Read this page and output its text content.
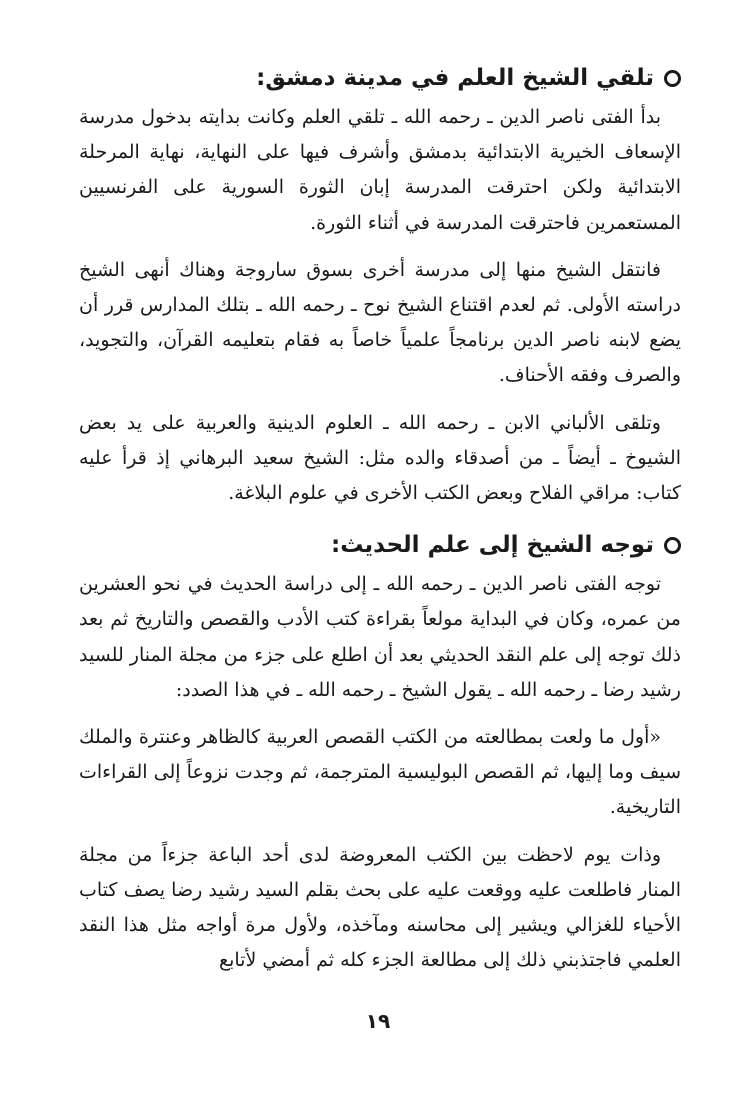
تلقي الشيخ العلم في مدينة دمشق:

بدأ الفتى ناصر الدين ـ رحمه الله ـ تلقي العلم وكانت بدايته بدخول مدرسة الإسعاف الخيرية الابتدائية بدمشق وأشرف فيها على النهاية، نهاية المرحلة الابتدائية ولكن احترقت المدرسة إبان الثورة السورية على الفرنسيين المستعمرين فاحترقت المدرسة في أثناء الثورة.

فانتقل الشيخ منها إلى مدرسة أخرى بسوق ساروجة وهناك أنهى الشيخ دراسته الأولى. ثم لعدم اقتناع الشيخ نوح ـ رحمه الله ـ بتلك المدارس قرر أن يضع لابنه ناصر الدين برنامجاً علمياً خاصاً به فقام بتعليمه القرآن، والتجويد، والصرف وفقه الأحناف.

وتلقى الألباني الابن ـ رحمه الله ـ العلوم الدينية والعربية على يد بعض الشيوخ ـ أيضاً ـ من أصدقاء والده مثل: الشيخ سعيد البرهاني إذ قرأ عليه كتاب: مراقي الفلاح وبعض الكتب الأخرى في علوم البلاغة.

توجه الشيخ إلى علم الحديث:

توجه الفتى ناصر الدين ـ رحمه الله ـ إلى دراسة الحديث في نحو العشرين من عمره، وكان في البداية مولعاً بقراءة كتب الأدب والقصص والتاريخ ثم بعد ذلك توجه إلى علم النقد الحديثي بعد أن اطلع على جزء من مجلة المنار للسيد رشيد رضا ـ رحمه الله ـ يقول الشيخ ـ رحمه الله ـ في هذا الصدد:

«أول ما ولعت بمطالعته من الكتب القصص العربية كالظاهر وعنترة والملك سيف وما إليها، ثم القصص البوليسية المترجمة، ثم وجدت نزوعاً إلى القراءات التاريخية.

وذات يوم لاحظت بين الكتب المعروضة لدى أحد الباعة جزءاً من مجلة المنار فاطلعت عليه ووقعت عليه على بحث بقلم السيد رشيد رضا يصف كتاب الأحياء للغزالي ويشير إلى محاسنه ومآخذه، ولأول مرة أواجه مثل هذا النقد العلمي فاجتذبني ذلك إلى مطالعة الجزء كله ثم أمضي لأتابع

١٩
